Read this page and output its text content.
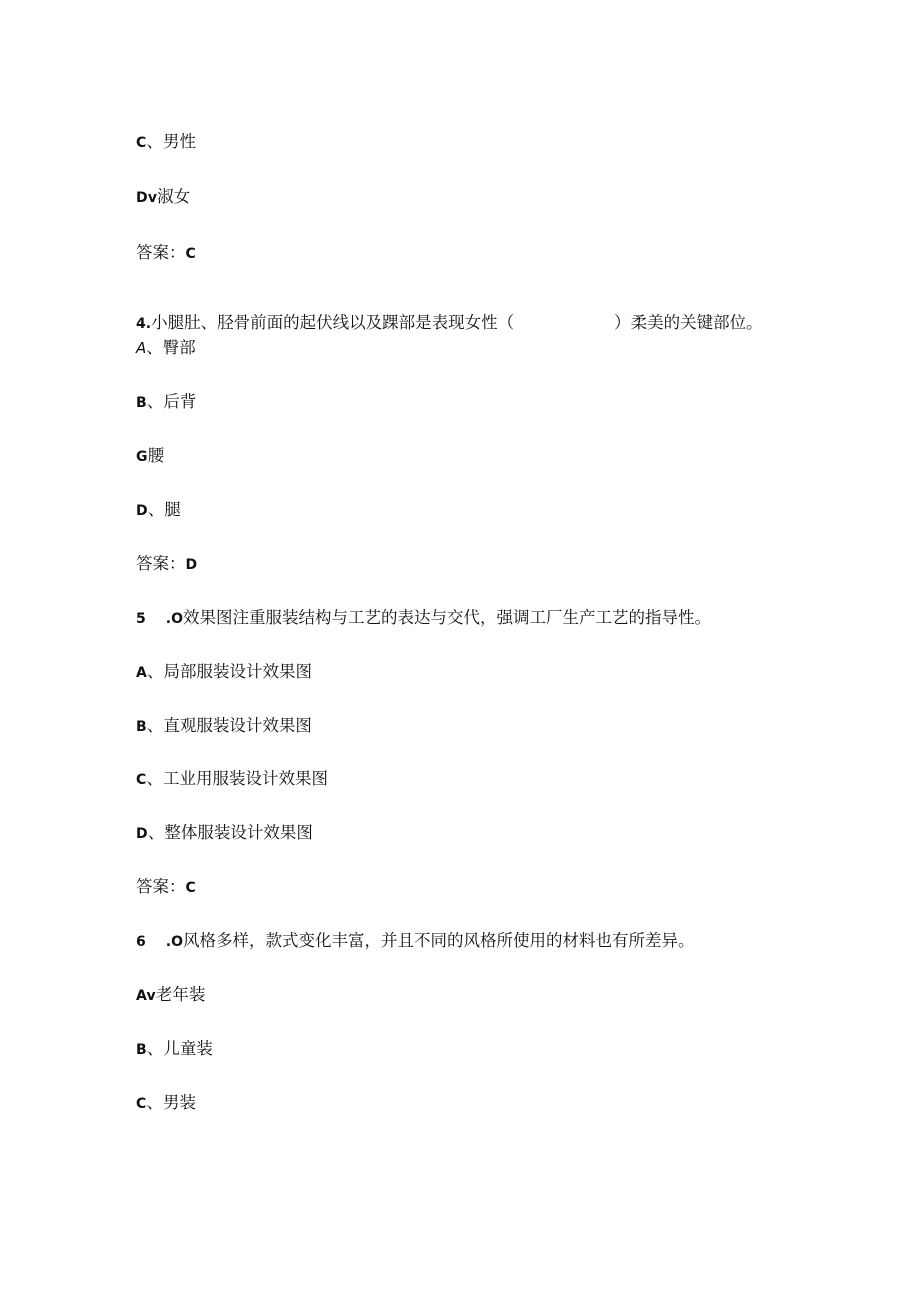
C、男性

Dv淑女

答案：C

4.小腿肚、胫骨前面的起伏线以及踝部是表现女性（	）柔美的关键部位。

A、臀部

B、后背

G腰

D、腿

答案：D

5 .O效果图注重服装结构与工艺的表达与交代，强调工厂生产工艺的指导性。

A、局部服装设计效果图

B、直观服装设计效果图

C、工业用服装设计效果图

D、整体服装设计效果图

答案：C

6 .O风格多样，款式变化丰富，并且不同的风格所使用的材料也有所差异。

Av老年装

B、儿童装

C、男装
